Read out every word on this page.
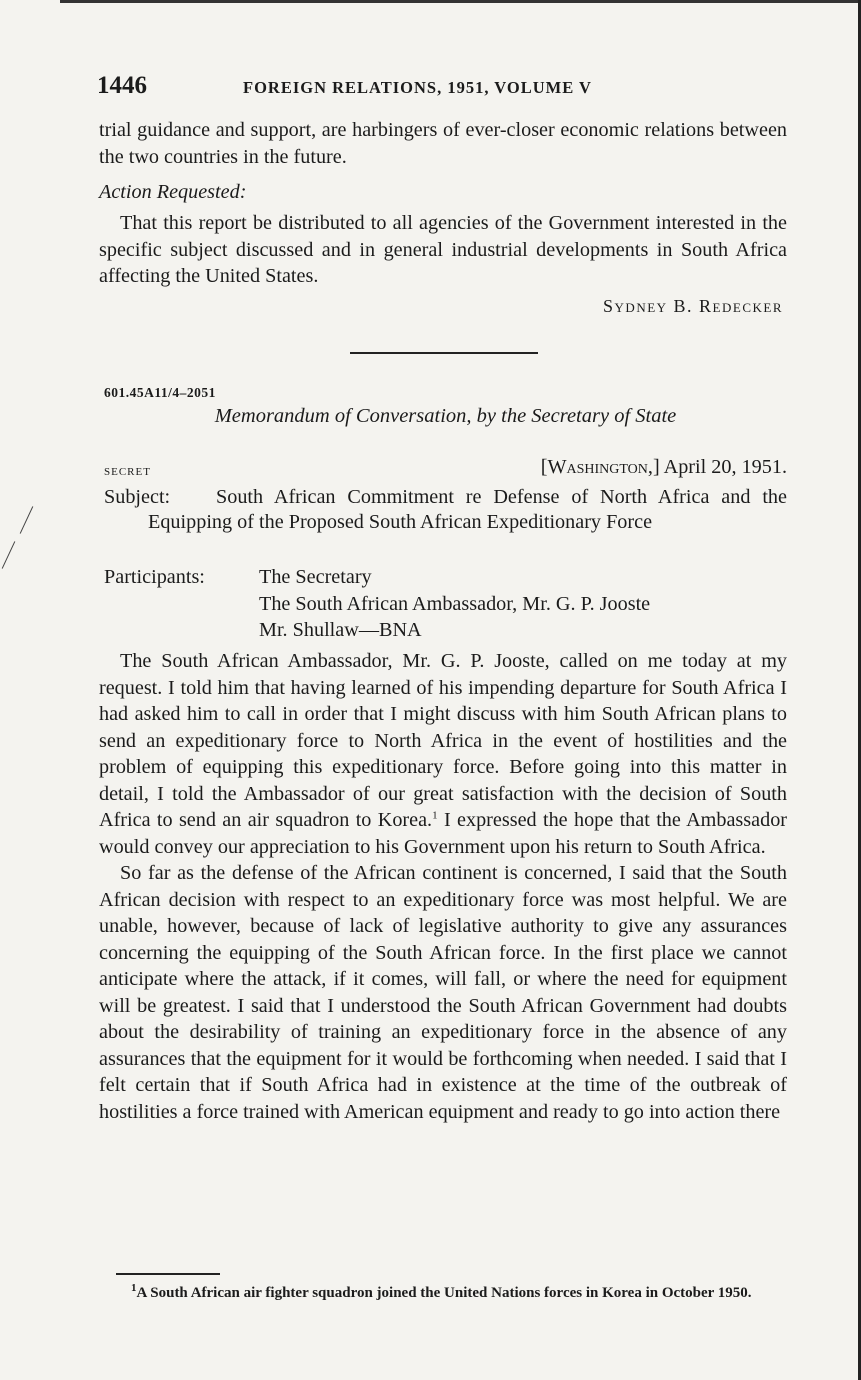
1446	FOREIGN RELATIONS, 1951, VOLUME V

trial guidance and support, are harbingers of ever-closer economic relations between the two countries in the future.

Action Requested:

That this report be distributed to all agencies of the Government interested in the specific subject discussed and in general industrial developments in South Africa affecting the United States.

Sydney B. Redecker
601.45A11/4–2051
Memorandum of Conversation, by the Secretary of State
secret	[Washington,] April 20, 1951.
Subject:	South African Commitment re Defense of North Africa and the Equipping of the Proposed South African Expeditionary Force
Participants:	The Secretary
The South African Ambassador, Mr. G. P. Jooste
Mr. Shullaw—BNA

The South African Ambassador, Mr. G. P. Jooste, called on me today at my request. I told him that having learned of his impending departure for South Africa I had asked him to call in order that I might discuss with him South African plans to send an expeditionary force to North Africa in the event of hostilities and the problem of equipping this expeditionary force. Before going into this matter in detail, I told the Ambassador of our great satisfaction with the decision of South Africa to send an air squadron to Korea.$^1$ I expressed the hope that the Ambassador would convey our appreciation to his Government upon his return to South Africa.

So far as the defense of the African continent is concerned, I said that the South African decision with respect to an expeditionary force was most helpful. We are unable, however, because of lack of legislative authority to give any assurances concerning the equipping of the South African force. In the first place we cannot anticipate where the attack, if it comes, will fall, or where the need for equipment will be greatest. I said that I understood the South African Government had doubts about the desirability of training an expeditionary force in the absence of any assurances that the equipment for it would be forthcoming when needed. I said that I felt certain that if South Africa had in existence at the time of the outbreak of hostilities a force trained with American equipment and ready to go into action there

$^1$A South African air fighter squadron joined the United Nations forces in Korea in October 1950.
